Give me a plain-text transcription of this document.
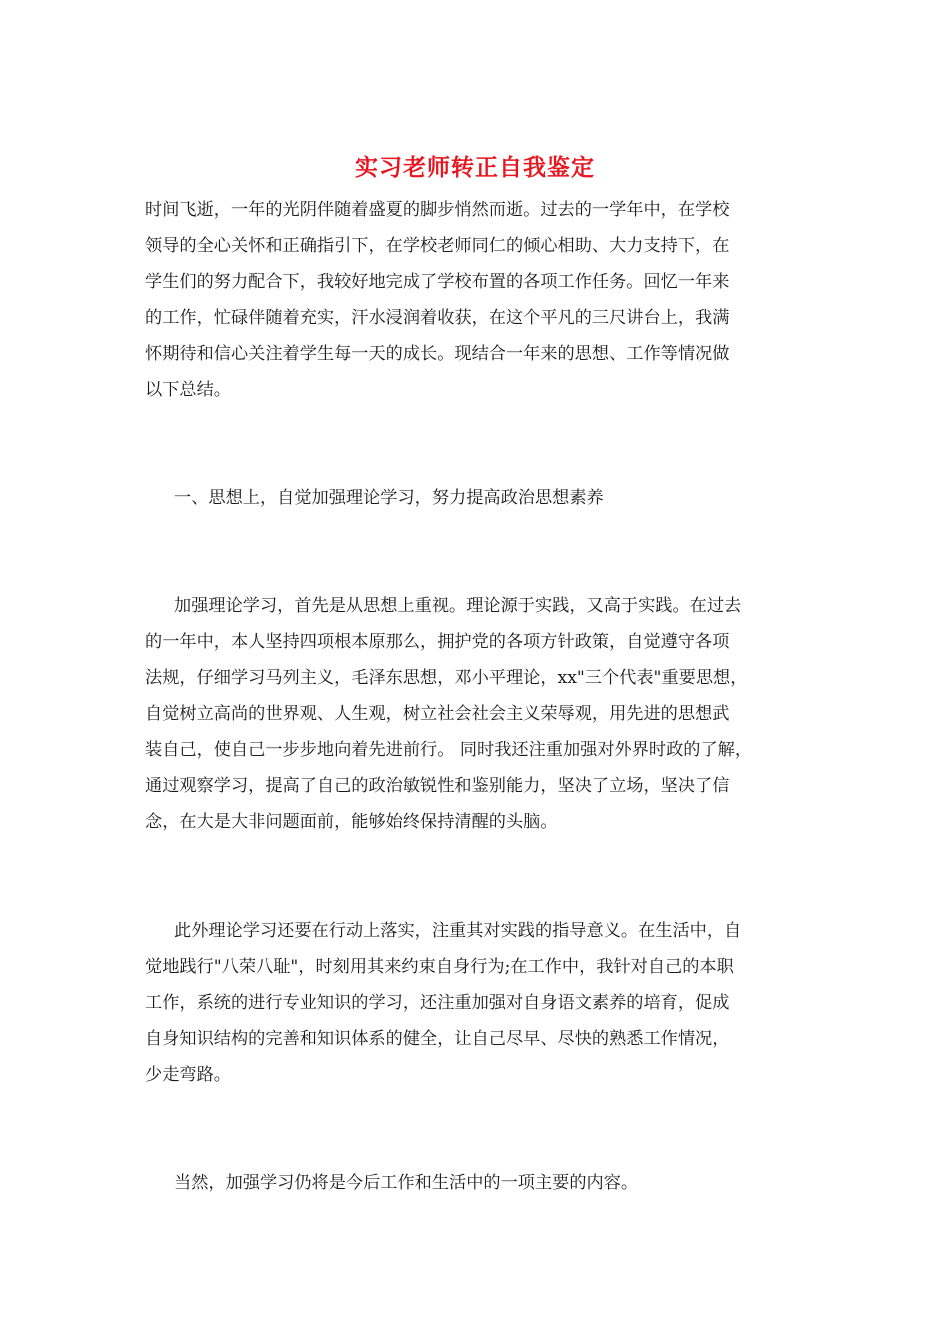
实习老师转正自我鉴定
时间飞逝，一年的光阴伴随着盛夏的脚步悄然而逝。过去的一学年中，在学校
领导的全心关怀和正确指引下，在学校老师同仁的倾心相助、大力支持下，在
学生们的努力配合下，我较好地完成了学校布置的各项工作任务。回忆一年来
的工作，忙碌伴随着充实，汗水浸润着收获，在这个平凡的三尺讲台上，我满
怀期待和信心关注着学生每一天的成长。现结合一年来的思想、工作等情况做
以下总结。
一、思想上，自觉加强理论学习，努力提高政治思想素养
加强理论学习，首先是从思想上重视。理论源于实践，又高于实践。在过去
的一年中，本人坚持四项根本原那么，拥护党的各项方针政策，自觉遵守各项
法规，仔细学习马列主义，毛泽东思想，邓小平理论，xx"三个代表"重要思想，
自觉树立高尚的世界观、人生观，树立社会社会主义荣辱观，用先进的思想武
装自己，使自己一步步地向着先进前行。 同时我还注重加强对外界时政的了解，
通过观察学习，提高了自己的政治敏锐性和鉴别能力，坚决了立场，坚决了信
念，在大是大非问题面前，能够始终保持清醒的头脑。
此外理论学习还要在行动上落实，注重其对实践的指导意义。在生活中，自
觉地践行"八荣八耻"，时刻用其来约束自身行为;在工作中，我针对自己的本职
工作，系统的进行专业知识的学习，还注重加强对自身语文素养的培育，促成
自身知识结构的完善和知识体系的健全，让自己尽早、尽快的熟悉工作情况，
少走弯路。
当然，加强学习仍将是今后工作和生活中的一项主要的内容。
